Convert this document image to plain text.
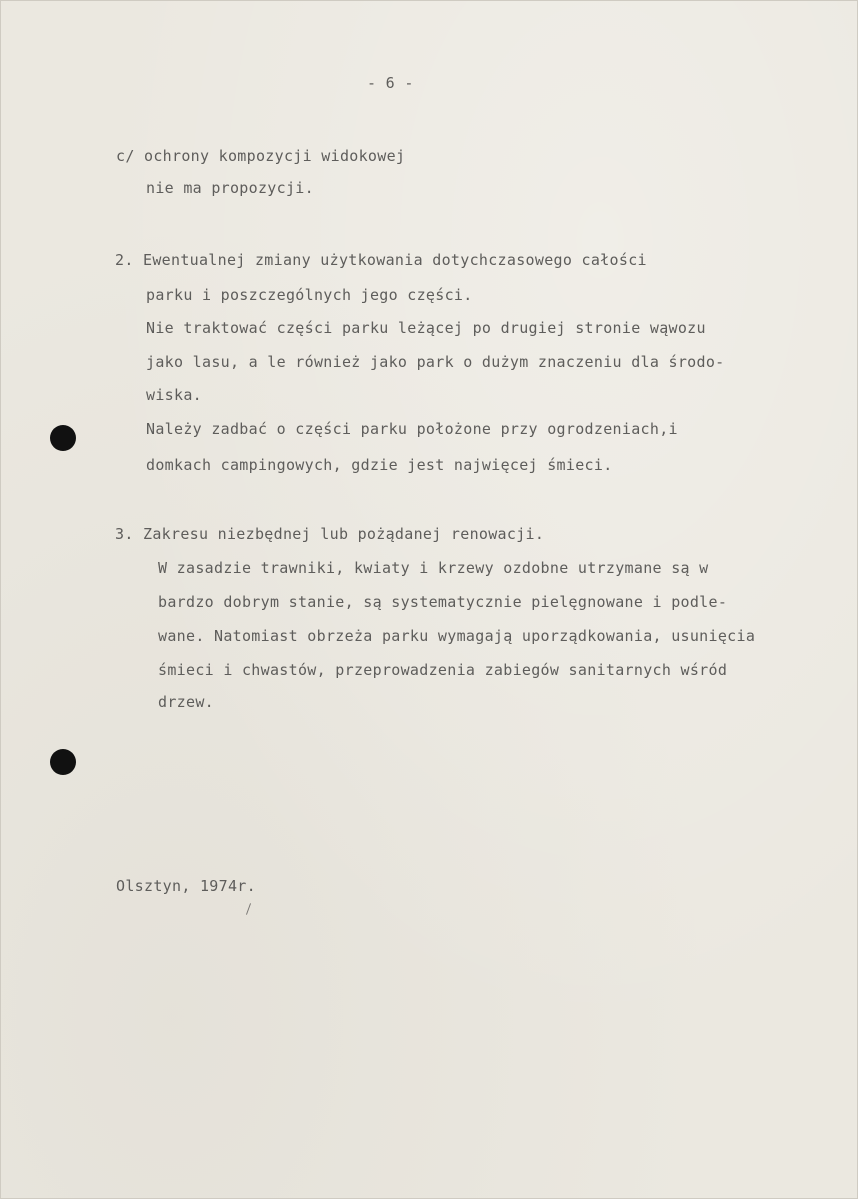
- 6 -
c/ ochrony kompozycji widokowej
nie ma propozycji.
2. Ewentualnej zmiany użytkowania dotychczasowego całości
parku i poszczególnych jego części.
Nie traktować części parku leżącej po drugiej stronie wąwozu
jako lasu, a le również jako park o dużym znaczeniu dla środo-
wiska.
Należy zadbać o części parku położone przy ogrodzeniach,i
domkach campingowych, gdzie jest najwięcej śmieci.
3. Zakresu niezbędnej lub pożądanej renowacji.
W zasadzie trawniki, kwiaty i krzewy ozdobne utrzymane są w
bardzo dobrym stanie, są systematycznie pielęgnowane i podle-
wane. Natomiast obrzeża parku wymagają uporządkowania, usunięcia
śmieci i chwastów, przeprowadzenia zabiegów sanitarnych wśród
drzew.
Olsztyn, 1974r.
